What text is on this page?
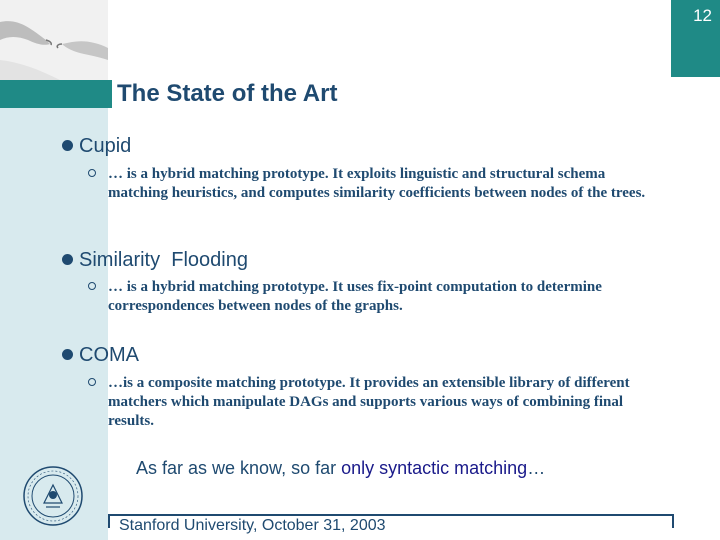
12
The State of the Art
Cupid
… is a hybrid matching prototype. It exploits linguistic and structural schema matching heuristics, and computes similarity coefficients between nodes of the trees.
Similarity  Flooding
… is a hybrid matching prototype. It uses fix-point computation to determine correspondences between nodes of the graphs.
COMA
…is a composite matching prototype. It provides an extensible library of different matchers which manipulate DAGs and supports various ways of combining final results.
As far as we know, so far only syntactic matching…
Stanford University, October 31, 2003
